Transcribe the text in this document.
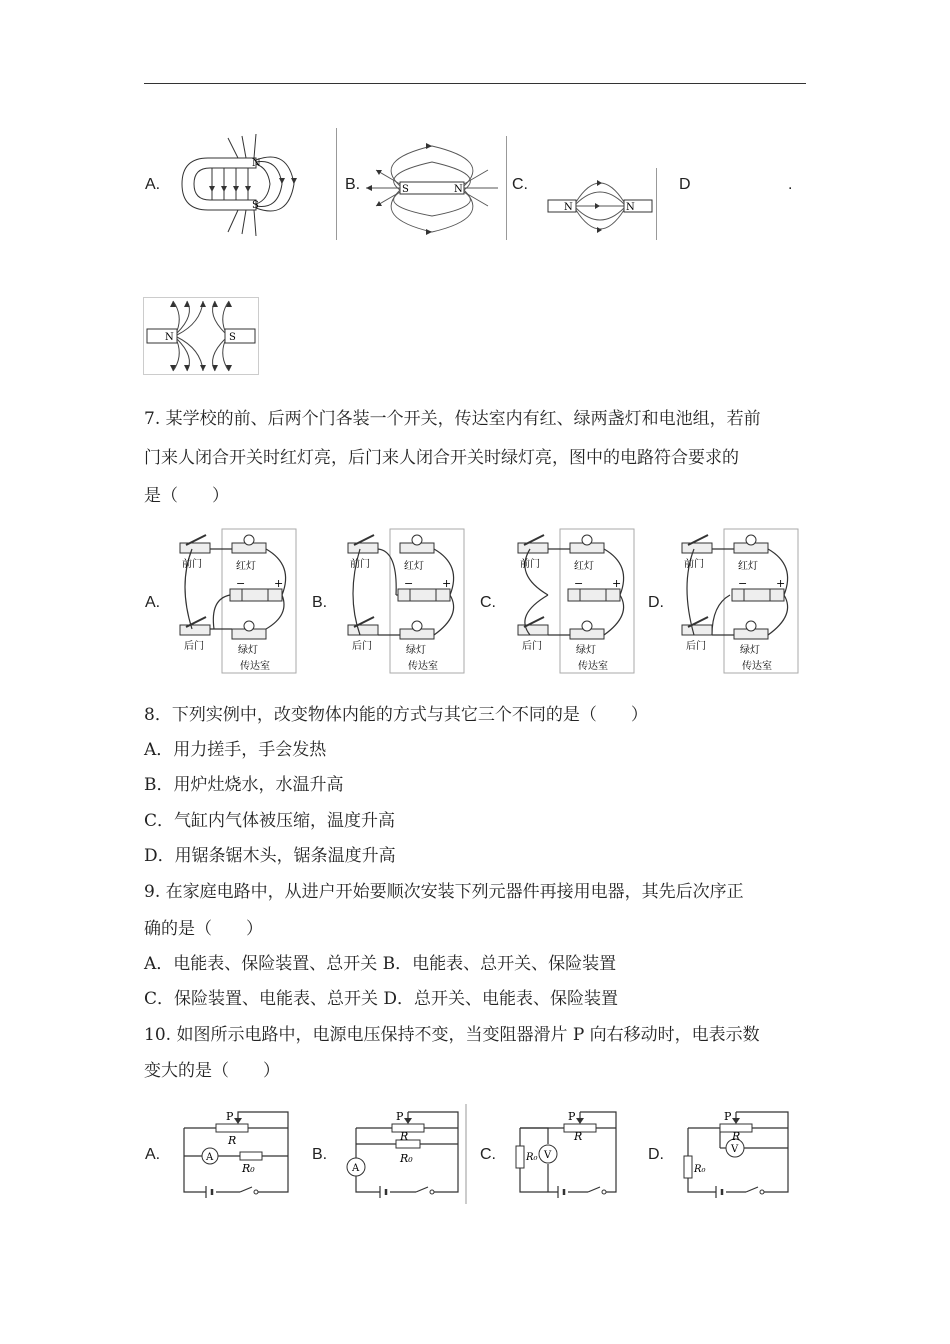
A.
N
S
B.	S	N	C.
N	N
D	.
N	S
7. 某学校的前、后两个门各装一个开关，传达室内有红、绿两盏灯和电池组，若前
门来人闭合开关时红灯亮，后门来人闭合开关时绿灯亮，图中的电路符合要求的
是（　　）
A.	B.	C.	D.
前门
后门
红灯
绿灯
传达室
−	+
前门
后门
红灯
绿灯
传达室
−	+
前门
后门
红灯
绿灯
传达室
−	+
前门
后门
红灯
绿灯
传达室
−	+
8．下列实例中，改变物体内能的方式与其它三个不同的是（　　）
A．用力搓手，手会发热
B．用炉灶烧水，水温升高
C．气缸内气体被压缩，温度升高
D．用锯条锯木头，锯条温度升高
9. 在家庭电路中，从进户开始要顺次安装下列元器件再接用电器，其先后次序正
确的是（　　）
A．电能表、保险装置、总开关 B．电能表、总开关、保险装置
C．保险装置、电能表、总开关 D．总开关、电能表、保险装置
10. 如图所示电路中，电源电压保持不变，当变阻器滑片 P 向右移动时，电表示数
变大的是（　　）
A.	B.	C.	D.
P
R
R₀
A
P
R
R₀
A
P
R
R₀ V
P
R
R₀
V
